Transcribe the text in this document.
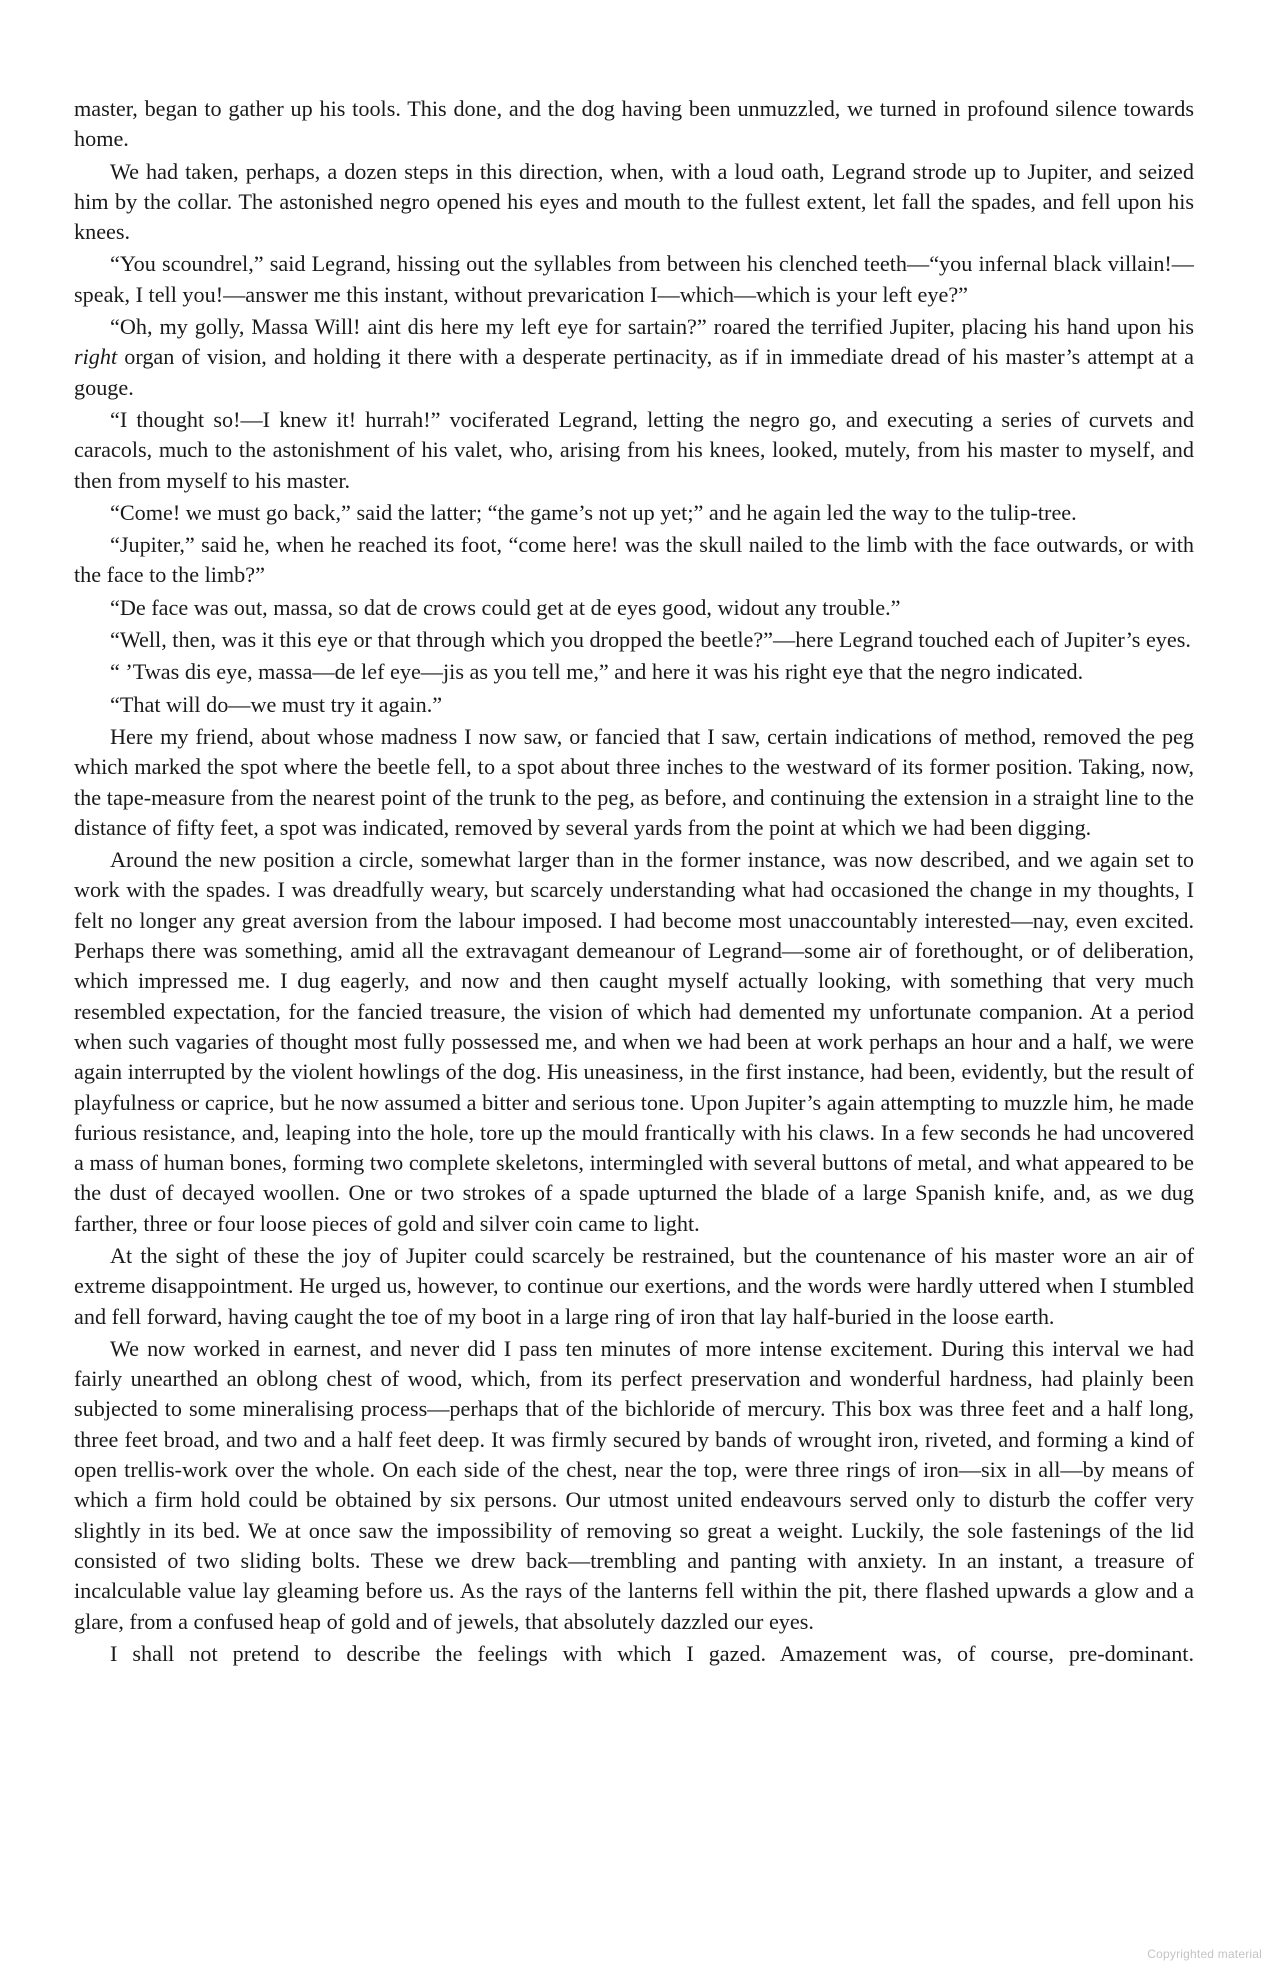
master, began to gather up his tools. This done, and the dog having been unmuzzled, we turned in profound silence towards home.

We had taken, perhaps, a dozen steps in this direction, when, with a loud oath, Legrand strode up to Jupiter, and seized him by the collar. The astonished negro opened his eyes and mouth to the fullest extent, let fall the spades, and fell upon his knees.

“You scoundrel,” said Legrand, hissing out the syllables from between his clenched teeth—“you infernal black villain!—speak, I tell you!—answer me this instant, without prevarication I—which—which is your left eye?”

“Oh, my golly, Massa Will! aint dis here my left eye for sartain?” roared the terrified Jupiter, placing his hand upon his right organ of vision, and holding it there with a desperate pertinacity, as if in immediate dread of his master’s attempt at a gouge.

“I thought so!—I knew it! hurrah!” vociferated Legrand, letting the negro go, and executing a series of curvets and caracols, much to the astonishment of his valet, who, arising from his knees, looked, mutely, from his master to myself, and then from myself to his master.

“Come! we must go back,” said the latter; “the game’s not up yet;” and he again led the way to the tulip-tree.

“Jupiter,” said he, when he reached its foot, “come here! was the skull nailed to the limb with the face outwards, or with the face to the limb?”

“De face was out, massa, so dat de crows could get at de eyes good, widout any trouble.”

“Well, then, was it this eye or that through which you dropped the beetle?”—here Legrand touched each of Jupiter’s eyes.

“ ’Twas dis eye, massa—de lef eye—jis as you tell me,” and here it was his right eye that the negro indicated.

“That will do—we must try it again.”

Here my friend, about whose madness I now saw, or fancied that I saw, certain indications of method, removed the peg which marked the spot where the beetle fell, to a spot about three inches to the westward of its former position. Taking, now, the tape-measure from the nearest point of the trunk to the peg, as before, and continuing the extension in a straight line to the distance of fifty feet, a spot was indicated, removed by several yards from the point at which we had been digging.

Around the new position a circle, somewhat larger than in the former instance, was now described, and we again set to work with the spades. I was dreadfully weary, but scarcely understanding what had occasioned the change in my thoughts, I felt no longer any great aversion from the labour imposed. I had become most unaccountably interested—nay, even excited. Perhaps there was something, amid all the extravagant demeanour of Legrand—some air of forethought, or of deliberation, which impressed me. I dug eagerly, and now and then caught myself actually looking, with something that very much resembled expectation, for the fancied treasure, the vision of which had demented my unfortunate companion. At a period when such vagaries of thought most fully possessed me, and when we had been at work perhaps an hour and a half, we were again interrupted by the violent howlings of the dog. His uneasiness, in the first instance, had been, evidently, but the result of playfulness or caprice, but he now assumed a bitter and serious tone. Upon Jupiter’s again attempting to muzzle him, he made furious resistance, and, leaping into the hole, tore up the mould frantically with his claws. In a few seconds he had uncovered a mass of human bones, forming two complete skeletons, intermingled with several buttons of metal, and what appeared to be the dust of decayed woollen. One or two strokes of a spade upturned the blade of a large Spanish knife, and, as we dug farther, three or four loose pieces of gold and silver coin came to light.

At the sight of these the joy of Jupiter could scarcely be restrained, but the countenance of his master wore an air of extreme disappointment. He urged us, however, to continue our exertions, and the words were hardly uttered when I stumbled and fell forward, having caught the toe of my boot in a large ring of iron that lay half-buried in the loose earth.

We now worked in earnest, and never did I pass ten minutes of more intense excitement. During this interval we had fairly unearthed an oblong chest of wood, which, from its perfect preservation and wonderful hardness, had plainly been subjected to some mineralising process—perhaps that of the bichloride of mercury. This box was three feet and a half long, three feet broad, and two and a half feet deep. It was firmly secured by bands of wrought iron, riveted, and forming a kind of open trellis-work over the whole. On each side of the chest, near the top, were three rings of iron—six in all—by means of which a firm hold could be obtained by six persons. Our utmost united endeavours served only to disturb the coffer very slightly in its bed. We at once saw the impossibility of removing so great a weight. Luckily, the sole fastenings of the lid consisted of two sliding bolts. These we drew back—trembling and panting with anxiety. In an instant, a treasure of incalculable value lay gleaming before us. As the rays of the lanterns fell within the pit, there flashed upwards a glow and a glare, from a confused heap of gold and of jewels, that absolutely dazzled our eyes.

I shall not pretend to describe the feelings with which I gazed. Amazement was, of course, pre-dominant.

Copyrighted material
